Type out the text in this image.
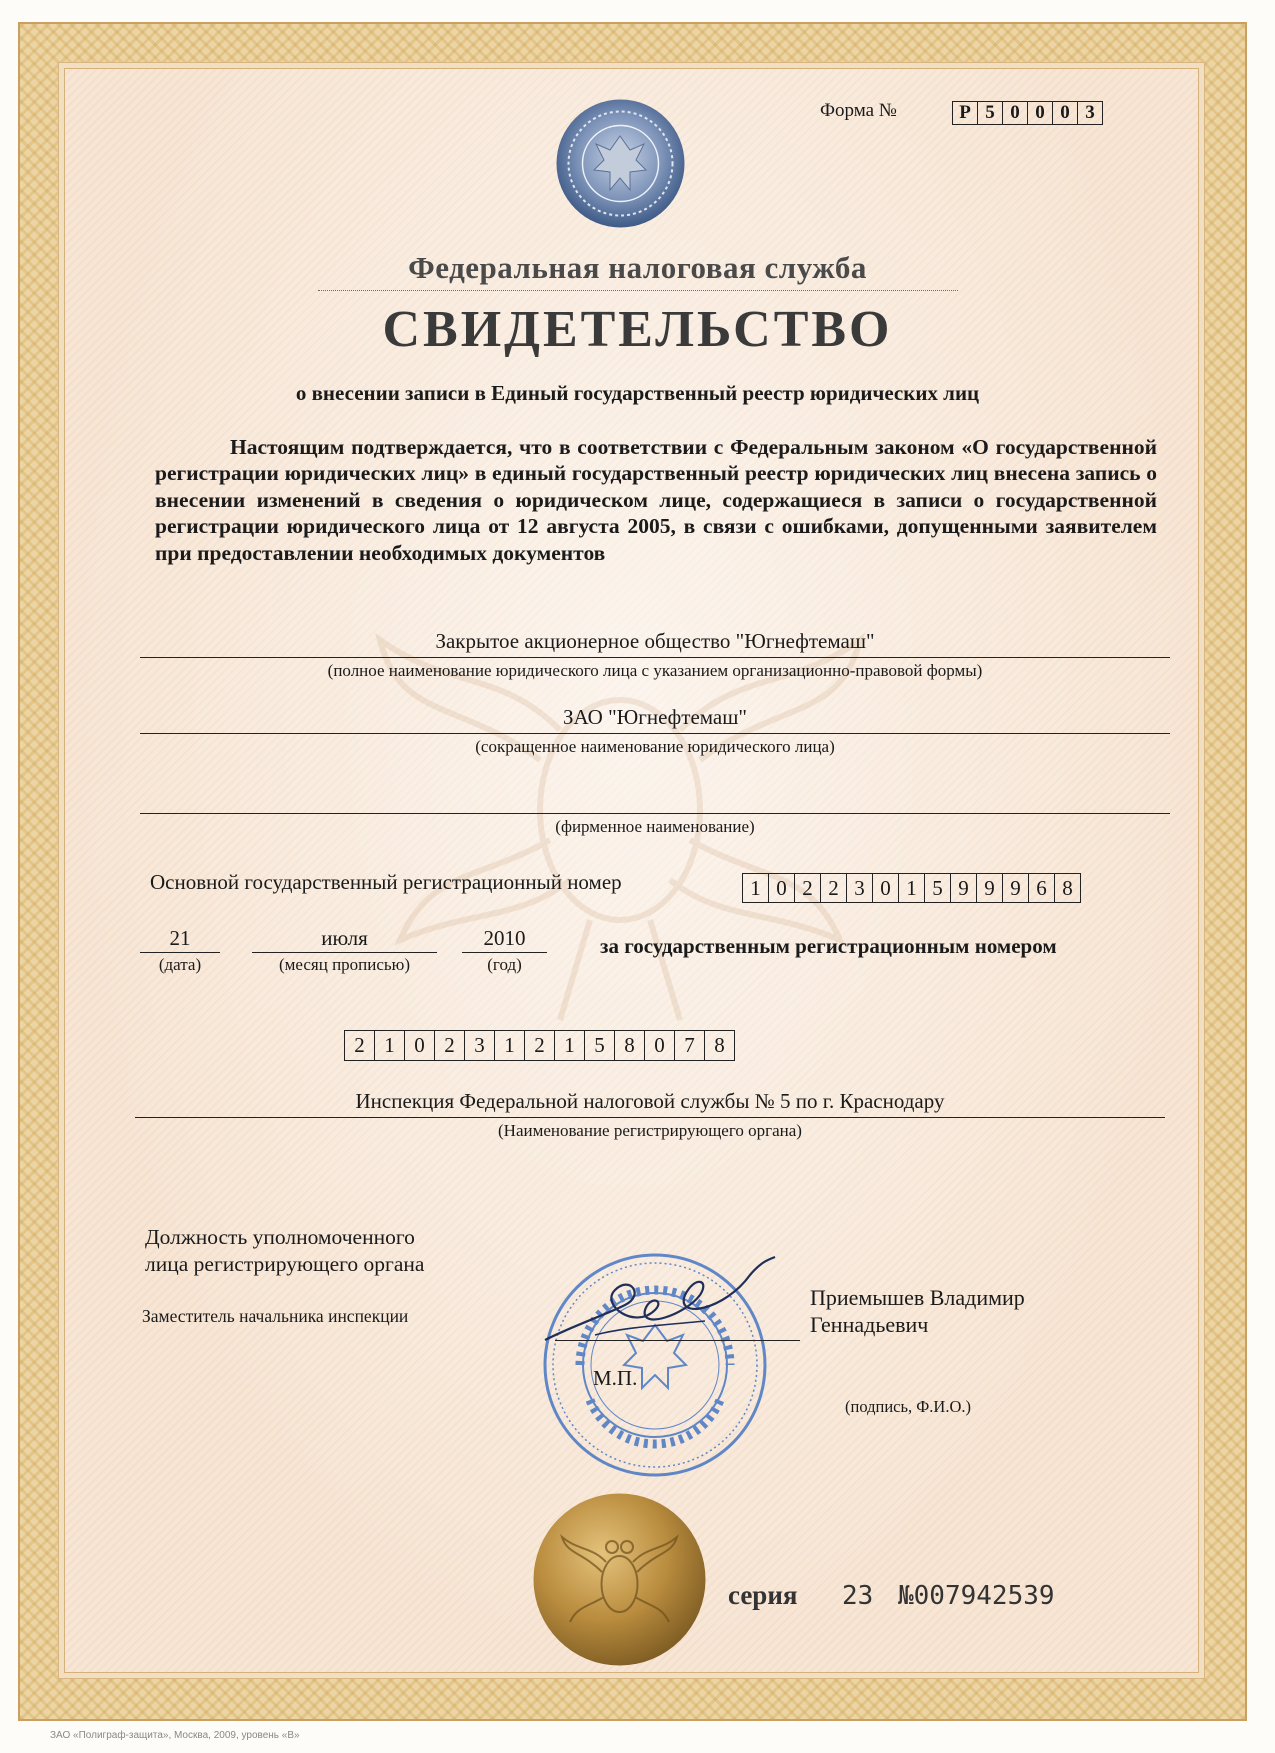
Форма №	Р 5 0 0 0 3
Федеральная налоговая служба
СВИДЕТЕЛЬСТВО
о внесении записи в Единый государственный реестр юридических лиц
Настоящим подтверждается, что в соответствии с Федеральным законом «О государственной регистрации юридических лиц» в единый государственный реестр юридических лиц внесена запись о внесении изменений в сведения о юридическом лице, содержащиеся в записи о государственной регистрации юридического лица от 12 августа 2005, в связи с ошибками, допущенными заявителем при предоставлении необходимых документов
Закрытое акционерное общество "Югнефтемаш"
(полное наименование юридического лица с указанием организационно-правовой формы)
ЗАО "Югнефтемаш"
(сокращенное наименование юридического лица)
(фирменное наименование)
Основной государственный регистрационный номер	1 0 2 2 3 0 1 5 9 9 9 6 8
21
(дата)
июля
(месяц прописью)
2010
(год)
за государственным регистрационным номером
2 1 0 2 3 1 2 1 5 8 0 7 8
Инспекция Федеральной налоговой службы № 5 по г. Краснодару
(Наименование регистрирующего органа)
Должность уполномоченного
лица регистрирующего органа
Заместитель начальника инспекции
Приемышев Владимир
Геннадьевич
М.П.
(подпись, Ф.И.О.)
серия 23 №007942539
ЗАО «Полиграф-защита», Москва, 2009, уровень «В»
